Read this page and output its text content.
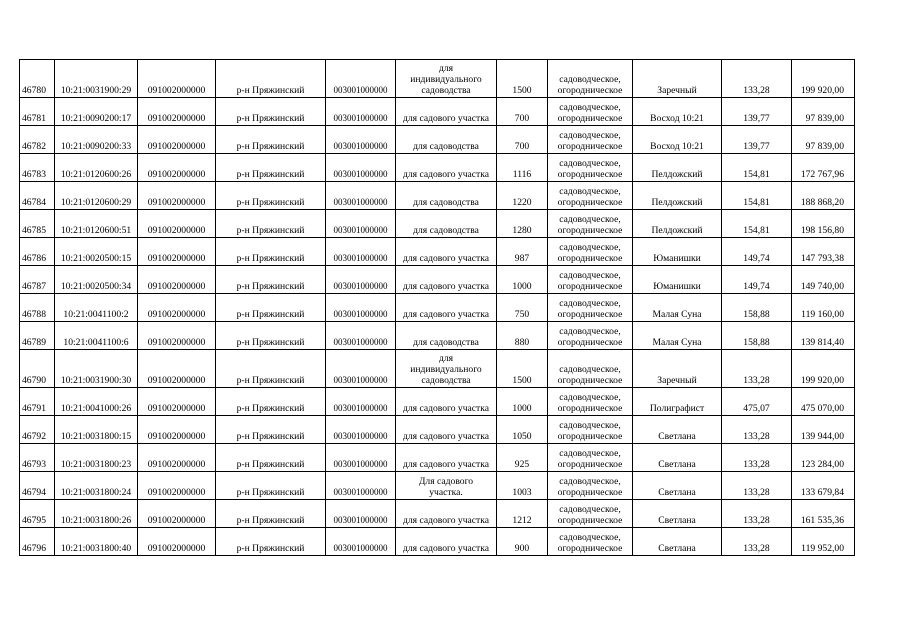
46780	10:21:0031900:29	091002000000	р-н Пряжинский	003001000000	для
индивидуального
садоводства	1500	садоводческое,
огородническое	Заречный	133,28	199 920,00
46781	10:21:0090200:17	091002000000	р-н Пряжинский	003001000000	для садового участка	700	садоводческое,
огородническое	Восход 10:21	139,77	97 839,00
46782	10:21:0090200:33	091002000000	р-н Пряжинский	003001000000	для садоводства	700	садоводческое,
огородническое	Восход 10:21	139,77	97 839,00
46783	10:21:0120600:26	091002000000	р-н Пряжинский	003001000000	для садового участка	1116	садоводческое,
огородническое	Пелдожский	154,81	172 767,96
46784	10:21:0120600:29	091002000000	р-н Пряжинский	003001000000	для садоводства	1220	садоводческое,
огородническое	Пелдожский	154,81	188 868,20
46785	10:21:0120600:51	091002000000	р-н Пряжинский	003001000000	для садоводства	1280	садоводческое,
огородническое	Пелдожский	154,81	198 156,80
46786	10:21:0020500:15	091002000000	р-н Пряжинский	003001000000	для садового участка	987	садоводческое,
огородническое	Юманишки	149,74	147 793,38
46787	10:21:0020500:34	091002000000	р-н Пряжинский	003001000000	для садового участка	1000	садоводческое,
огородническое	Юманишки	149,74	149 740,00
46788	10:21:0041100:2	091002000000	р-н Пряжинский	003001000000	для садового участка	750	садоводческое,
огородническое	Малая Суна	158,88	119 160,00
46789	10:21:0041100:6	091002000000	р-н Пряжинский	003001000000	для садоводства	880	садоводческое,
огородническое	Малая Суна	158,88	139 814,40
46790	10:21:0031900:30	091002000000	р-н Пряжинский	003001000000	для
индивидуального
садоводства	1500	садоводческое,
огородническое	Заречный	133,28	199 920,00
46791	10:21:0041000:26	091002000000	р-н Пряжинский	003001000000	для садового участка	1000	садоводческое,
огородническое	Полиграфист	475,07	475 070,00
46792	10:21:0031800:15	091002000000	р-н Пряжинский	003001000000	для садового участка	1050	садоводческое,
огородническое	Светлана	133,28	139 944,00
46793	10:21:0031800:23	091002000000	р-н Пряжинский	003001000000	для садового участка	925	садоводческое,
огородническое	Светлана	133,28	123 284,00
46794	10:21:0031800:24	091002000000	р-н Пряжинский	003001000000	Для садового
участка.	1003	садоводческое,
огородническое	Светлана	133,28	133 679,84
46795	10:21:0031800:26	091002000000	р-н Пряжинский	003001000000	для садового участка	1212	садоводческое,
огородническое	Светлана	133,28	161 535,36
46796	10:21:0031800:40	091002000000	р-н Пряжинский	003001000000	для садового участка	900	садоводческое,
огородническое	Светлана	133,28	119 952,00
